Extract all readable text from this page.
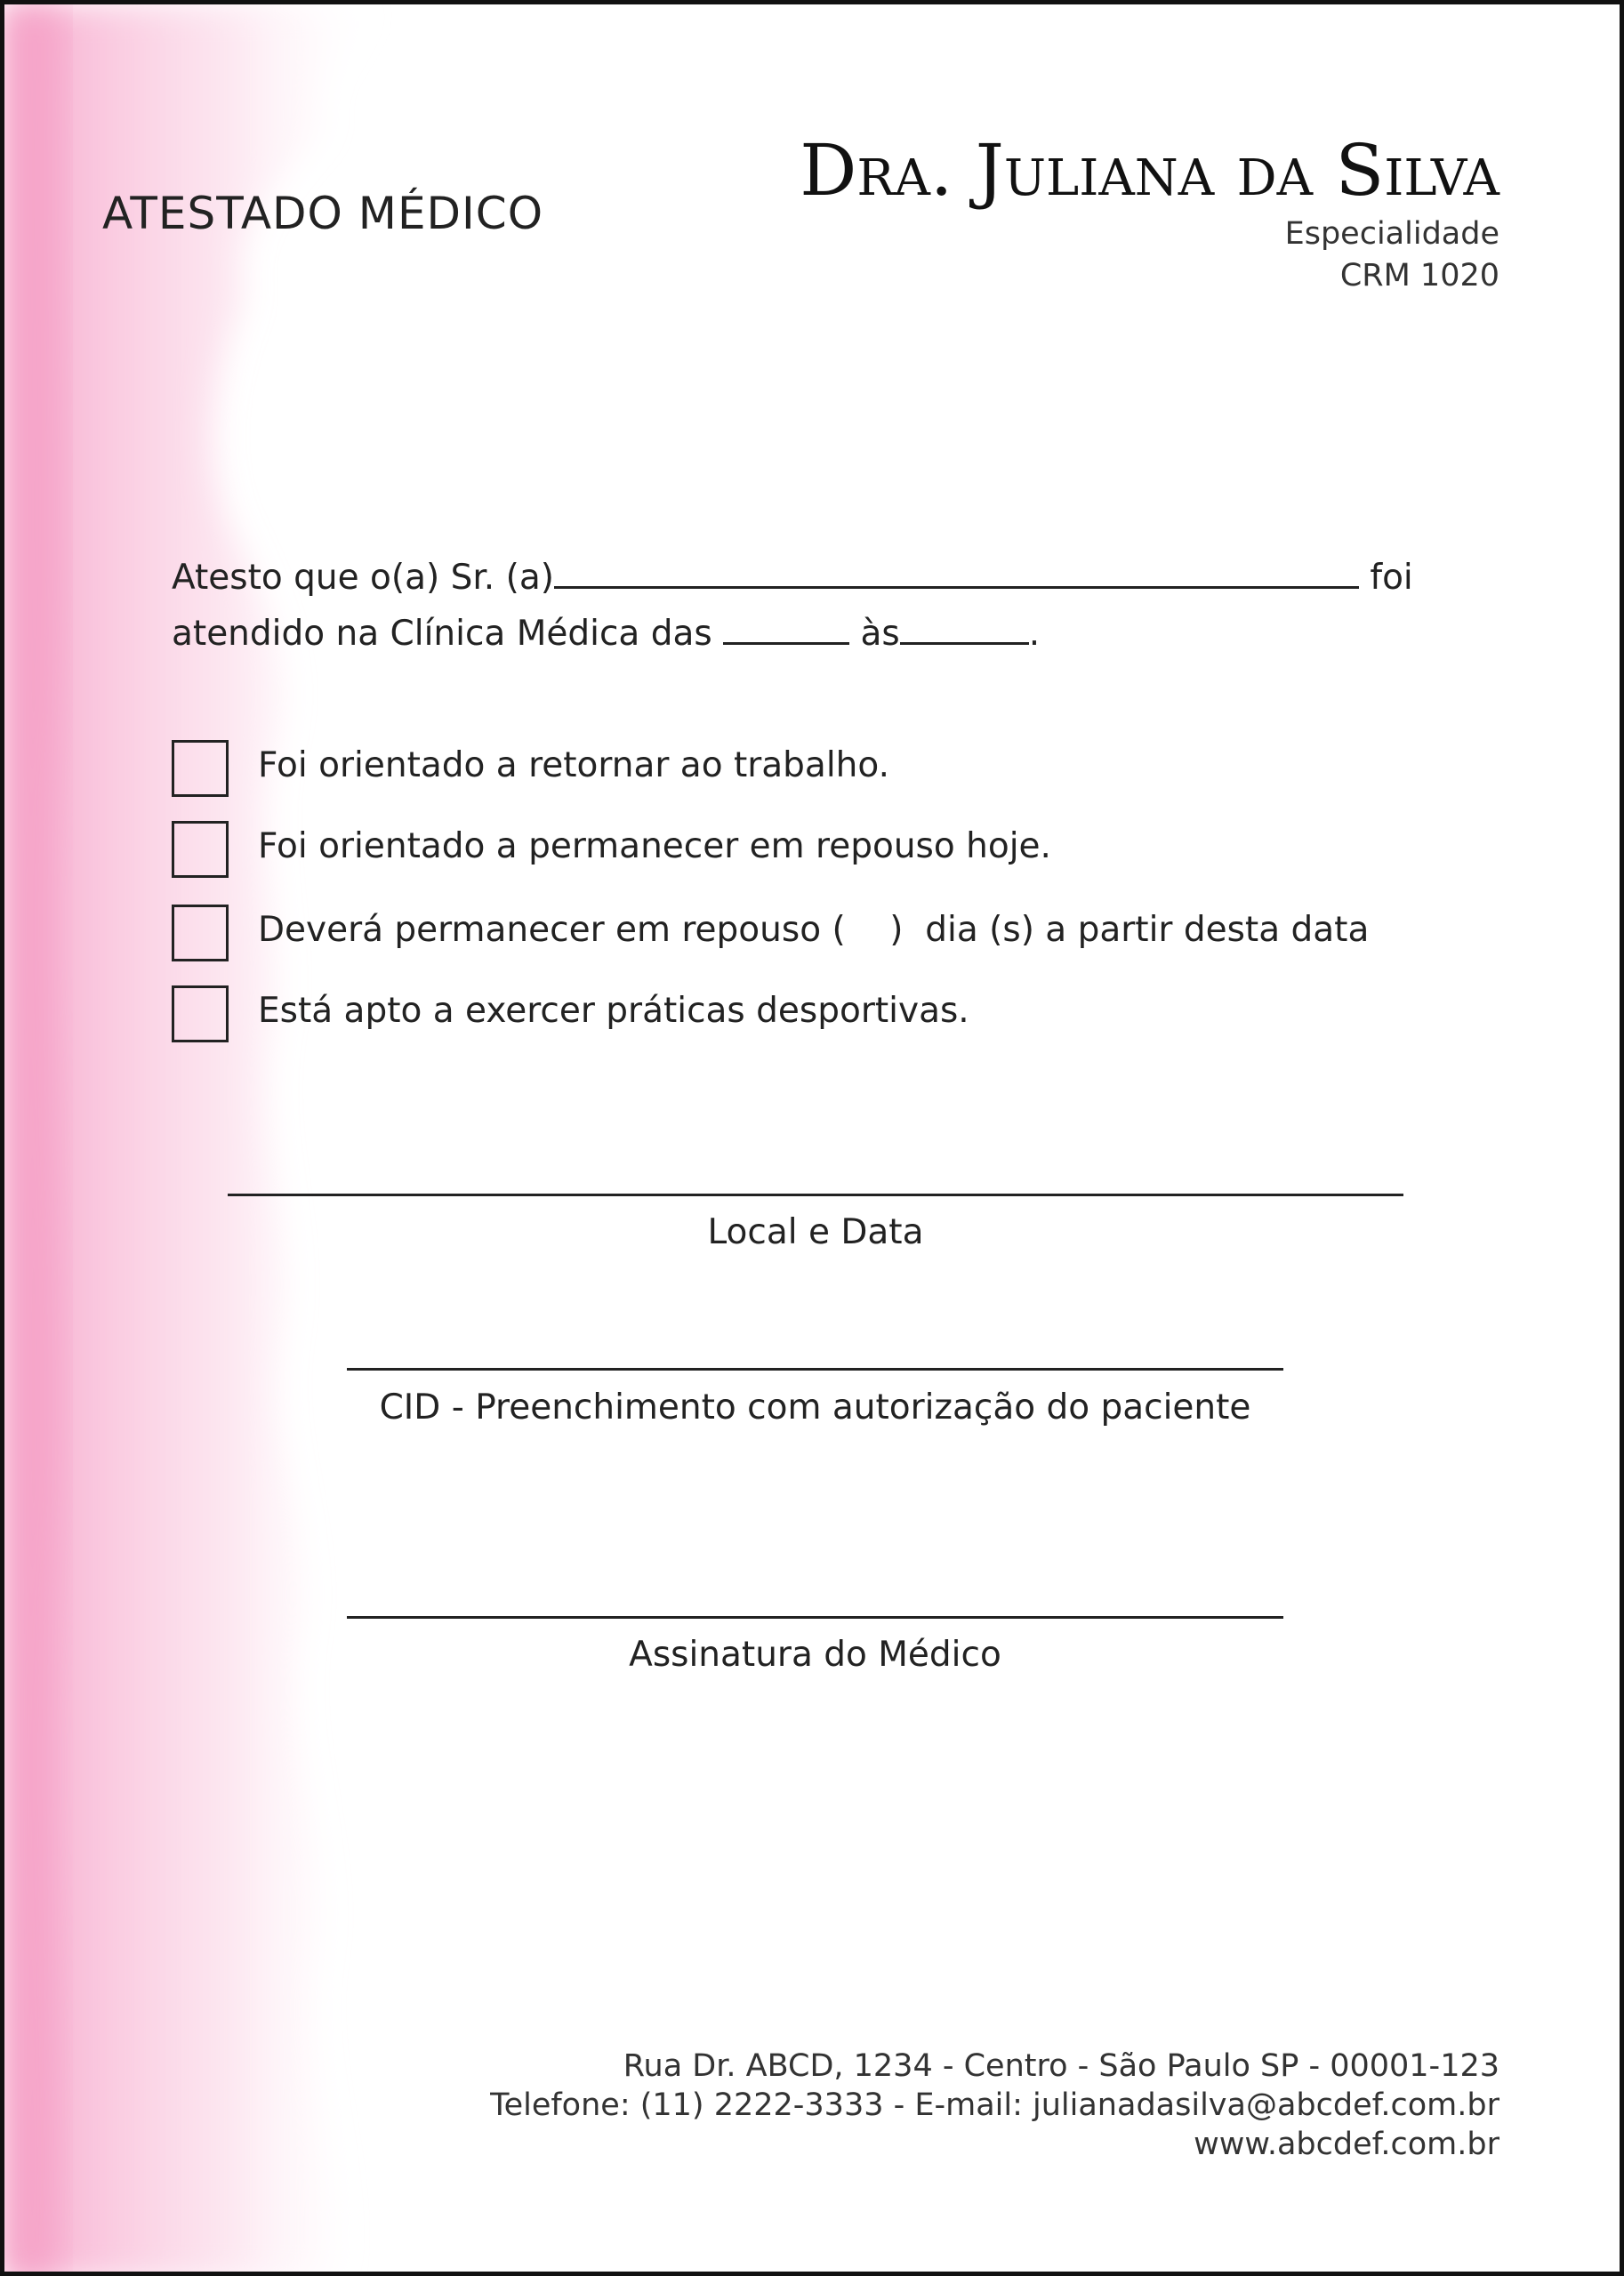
ATESTADO MÉDICO
Dra. Juliana da Silva
Especialidade
CRM 1020
Atesto que o(a) Sr. (a)	foi
atendido na Clínica Médica das	às	.
Foi orientado a retornar ao trabalho.
Foi orientado a permanecer em repouso hoje.
Deverá permanecer em repouso (    )  dia (s) a partir desta data
Está apto a exercer práticas desportivas.
Local e Data
CID - Preenchimento com autorização do paciente
Assinatura do Médico
Rua Dr. ABCD, 1234 - Centro - São Paulo SP - 00001-123
Telefone: (11) 2222-3333 - E-mail: julianadasilva@abcdef.com.br
www.abcdef.com.br
